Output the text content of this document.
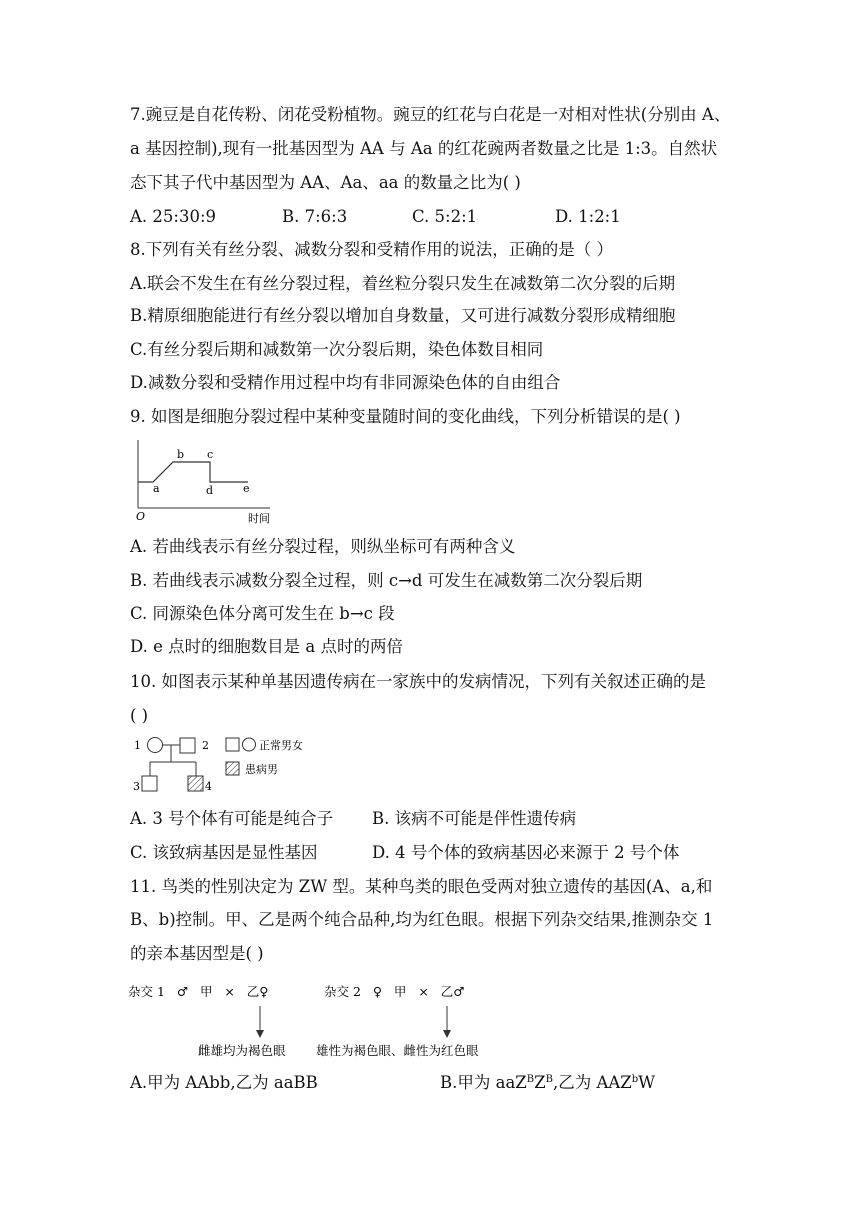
7.豌豆是自花传粉、闭花受粉植物。豌豆的红花与白花是一对相对性状(分别由 A、
a 基因控制),现有一批基因型为 AA 与 Aa 的红花豌两者数量之比是 1:3。自然状
态下其子代中基因型为 AA、Aa、aa 的数量之比为( )
A. 25:30:9	B. 7:6:3	C. 5:2:1	D. 1:2:1
8.下列有关有丝分裂、减数分裂和受精作用的说法，正确的是（ ）
A.联会不发生在有丝分裂过程，着丝粒分裂只发生在减数第二次分裂的后期
B.精原细胞能进行有丝分裂以增加自身数量，又可进行减数分裂形成精细胞
C.有丝分裂后期和减数第一次分裂后期，染色体数目相同
D.减数分裂和受精作用过程中均有非同源染色体的自由组合
9. 如图是细胞分裂过程中某种变量随时间的变化曲线，下列分析错误的是( )
O
a
b c
d	e
时间
A. 若曲线表示有丝分裂过程，则纵坐标可有两种含义
B. 若曲线表示减数分裂全过程，则 c→d 可发生在减数第二次分裂后期
C. 同源染色体分离可发生在 b→c 段
D. e 点时的细胞数目是 a 点时的两倍
10. 如图表示某种单基因遗传病在一家族中的发病情况，下列有关叙述正确的是
( )
1	2
3	4
正常男女
患病男
A. 3 号个体有可能是纯合子 B. 该病不可能是伴性遗传病
C. 该致病基因是显性基因	D. 4 号个体的致病基因必来源于 2 号个体
11. 鸟类的性别决定为 ZW 型。某种鸟类的眼色受两对独立遗传的基因(A、a,和
B、b)控制。甲、乙是两个纯合品种,均为红色眼。根据下列杂交结果,推测杂交 1
的亲本基因型是( )
杂交 1   ♂   甲   ×   乙♀	杂交 2   ♀   甲   ×   乙♂
雌雄均为褐色眼 雄性为褐色眼、雌性为红色眼
A.甲为 AAbb,乙为 aaBB	B.甲为 $aaZ^BZ^B$,乙为 AAZ$^b$W
